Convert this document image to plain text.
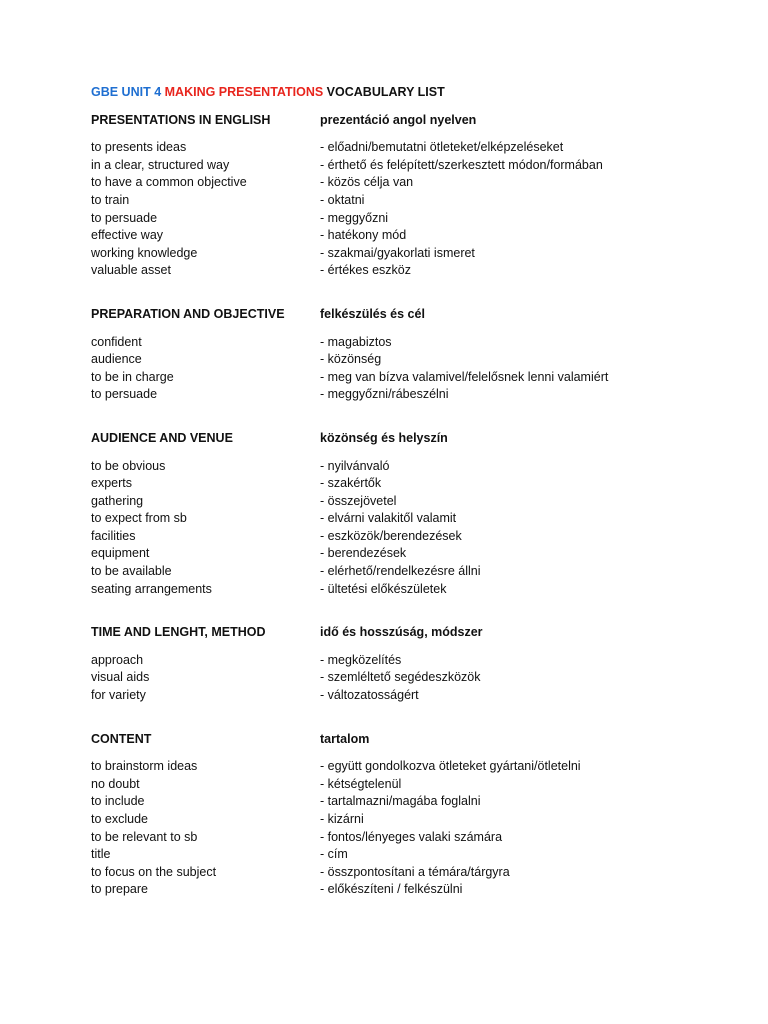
GBE UNIT 4 MAKING PRESENTATIONS VOCABULARY LIST
PRESENTATIONS IN ENGLISH	prezentáció angol nyelven
to presents ideas	- előadni/bemutatni ötleteket/elképzeléseket
in a clear, structured way	- érthető és felépített/szerkesztett módon/formában
to have a common objective	- közös célja van
to train	- oktatni
to persuade	- meggyőzni
effective way	- hatékony mód
working knowledge	- szakmai/gyakorlati ismeret
valuable asset	- értékes eszköz
PREPARATION AND OBJECTIVE	felkészülés és cél
confident	- magabiztos
audience	- közönség
to be in charge	- meg van bízva valamivel/felelősnek lenni valamiért
to persuade	- meggyőzni/rábeszélni
AUDIENCE AND VENUE	közönség és helyszín
to be obvious	- nyilvánvaló
experts	- szakértők
gathering	- összejövetel
to expect from sb	- elvárni valakitől valamit
facilities	- eszközök/berendezések
equipment	- berendezések
to be available	- elérhető/rendelkezésre állni
seating arrangements	- ültetési előkészületek
TIME AND LENGHT, METHOD	idő és hosszúság, módszer
approach	- megközelítés
visual aids	- szemléltető segédeszközök
for variety	- változatosságért
CONTENT	tartalom
to brainstorm ideas	- együtt gondolkozva ötleteket gyártani/ötletelni
no doubt	- kétségtelenül
to include	- tartalmazni/magába foglalni
to exclude	- kizárni
to be relevant to sb	- fontos/lényeges valaki számára
title	- cím
to focus on the subject	- összpontosítani a témára/tárgyra
to prepare	- előkészíteni / felkészülni
